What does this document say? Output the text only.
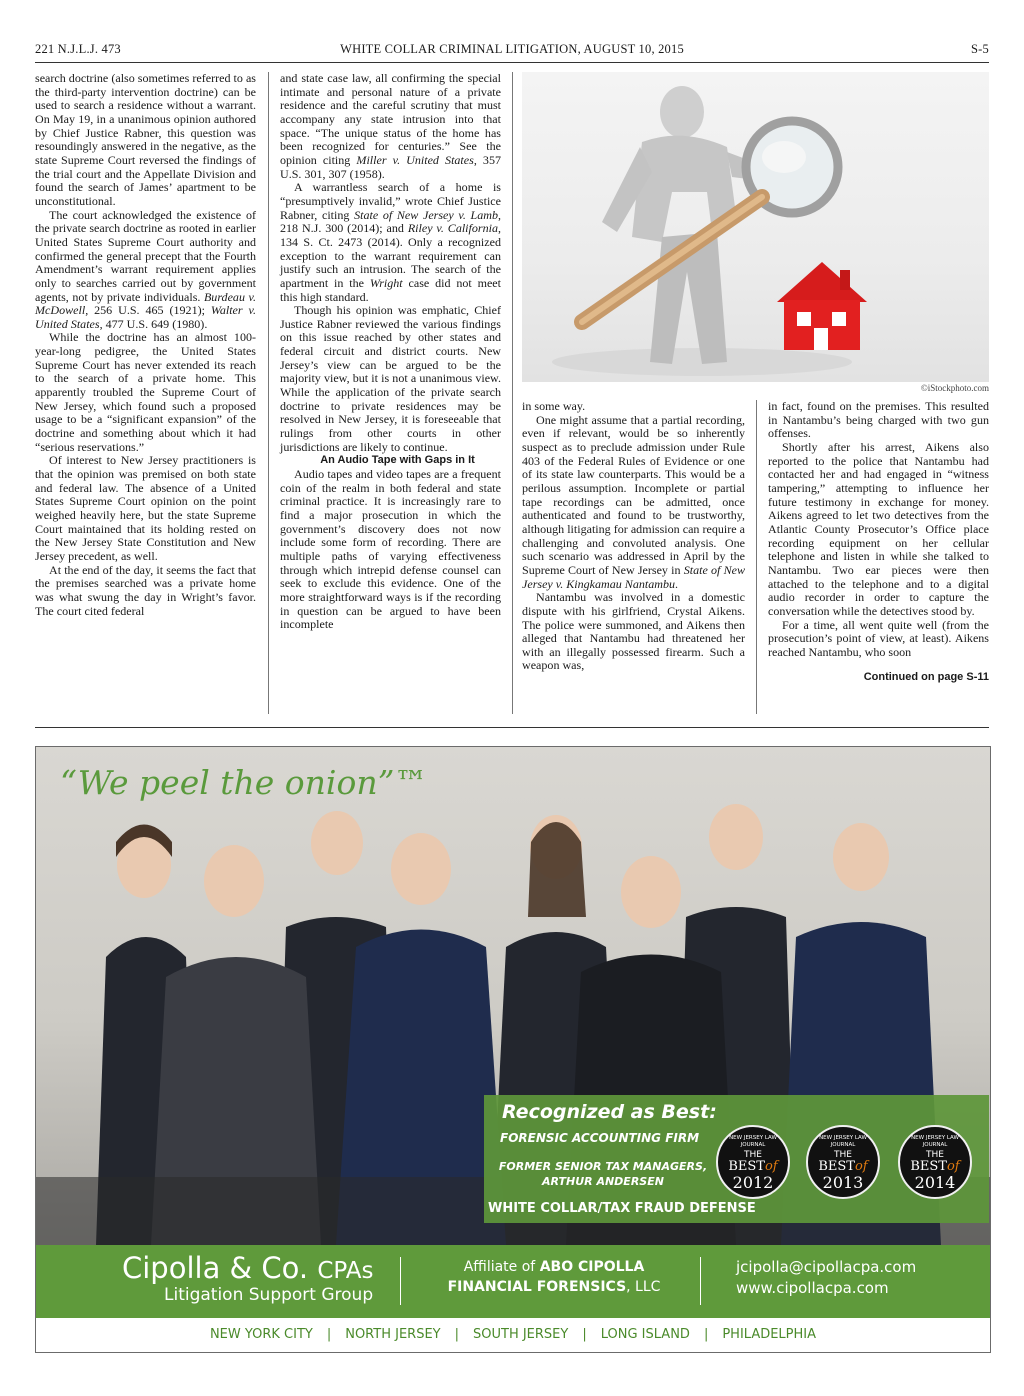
221 N.J.L.J. 473	WHITE COLLAR CRIMINAL LITIGATION, AUGUST 10, 2015	S-5

search doctrine (also sometimes referred to as the third-party intervention doctrine) can be used to search a residence without a warrant. On May 19, in a unanimous opinion authored by Chief Justice Rabner, this question was resoundingly answered in the negative, as the state Supreme Court reversed the findings of the trial court and the Appellate Division and found the search of James’ apartment to be unconstitutional.

The court acknowledged the existence of the private search doctrine as rooted in earlier United States Supreme Court authority and confirmed the general precept that the Fourth Amendment’s warrant requirement applies only to searches carried out by government agents, not by private individuals. Burdeau v. McDowell, 256 U.S. 465 (1921); Walter v. United States, 477 U.S. 649 (1980).

While the doctrine has an almost 100-year-long pedigree, the United States Supreme Court has never extended its reach to the search of a private home. This apparently troubled the Supreme Court of New Jersey, which found such a proposed usage to be a “significant expansion” of the doctrine and something about which it had “serious reservations.”

Of interest to New Jersey practitioners is that the opinion was premised on both state and federal law. The absence of a United States Supreme Court opinion on the point weighed heavily here, but the state Supreme Court maintained that its holding rested on the New Jersey State Constitution and New Jersey precedent, as well.

At the end of the day, it seems the fact that the premises searched was a private home was what swung the day in Wright’s favor. The court cited federal

and state case law, all confirming the special intimate and personal nature of a private residence and the careful scrutiny that must accompany any state intrusion into that space. “The unique status of the home has been recognized for centuries.” See the opinion citing Miller v. United States, 357 U.S. 301, 307 (1958).

A warrantless search of a home is “presumptively invalid,” wrote Chief Justice Rabner, citing State of New Jersey v. Lamb, 218 N.J. 300 (2014); and Riley v. California, 134 S. Ct. 2473 (2014). Only a recognized exception to the warrant requirement can justify such an intrusion. The search of the apartment in the Wright case did not meet this high standard.

Though his opinion was emphatic, Chief Justice Rabner reviewed the various findings on this issue reached by other states and federal circuit and district courts. New Jersey’s view can be argued to be the majority view, but it is not a unanimous view. While the application of the private search doctrine to private residences may be resolved in New Jersey, it is foreseeable that rulings from other courts in other jurisdictions are likely to continue.

An Audio Tape with Gaps in It

Audio tapes and video tapes are a frequent coin of the realm in both federal and state criminal practice. It is increasingly rare to find a major prosecution in which the government’s discovery does not now include some form of recording. There are multiple paths of varying effectiveness through which intrepid defense counsel can seek to exclude this evidence. One of the more straightforward ways is if the recording in question can be argued to have been incomplete

©iStockphoto.com

in some way.

One might assume that a partial recording, even if relevant, would be so inherently suspect as to preclude admission under Rule 403 of the Federal Rules of Evidence or one of its state law counterparts. This would be a perilous assumption. Incomplete or partial tape recordings can be admitted, once authenticated and found to be trustworthy, although litigating for admission can require a challenging and convoluted analysis. One such scenario was addressed in April by the Supreme Court of New Jersey in State of New Jersey v. Kingkamau Nantambu.

Nantambu was involved in a domestic dispute with his girlfriend, Crystal Aikens. The police were summoned, and Aikens then alleged that Nantambu had threatened her with an illegally possessed firearm. Such a weapon was,

in fact, found on the premises. This resulted in Nantambu’s being charged with two gun offenses.

Shortly after his arrest, Aikens also reported to the police that Nantambu had contacted her and had engaged in “witness tampering,” attempting to influence her future testimony in exchange for money. Aikens agreed to let two detectives from the Atlantic County Prosecutor’s Office place recording equipment on her cellular telephone and listen in while she talked to Nantambu. Two ear pieces were then attached to the telephone and to a digital audio recorder in order to capture the conversation while the detectives stood by.

For a time, all went quite well (from the prosecution’s point of view, at least). Aikens reached Nantambu, who soon

Continued on page S-11
“We peel the onion”™
Recognized as Best:
FORENSIC ACCOUNTING FIRM
FORMER SENIOR TAX MANAGERS, ARTHUR ANDERSEN
WHITE COLLAR/TAX FRAUD DEFENSE
NEW JERSEY LAW JOURNAL
THE
BESTof
2012
NEW JERSEY LAW JOURNAL
THE
BESTof
2013
NEW JERSEY LAW JOURNAL
THE
BESTof
2014
Cipolla & Co. CPAs
Litigation Support Group
Affiliate of ABO CIPOLLA
FINANCIAL FORENSICS, LLC
jcipolla@cipollacpa.com
www.cipollacpa.com
NEW YORK CITY | NORTH JERSEY | SOUTH JERSEY | LONG ISLAND | PHILADELPHIA
